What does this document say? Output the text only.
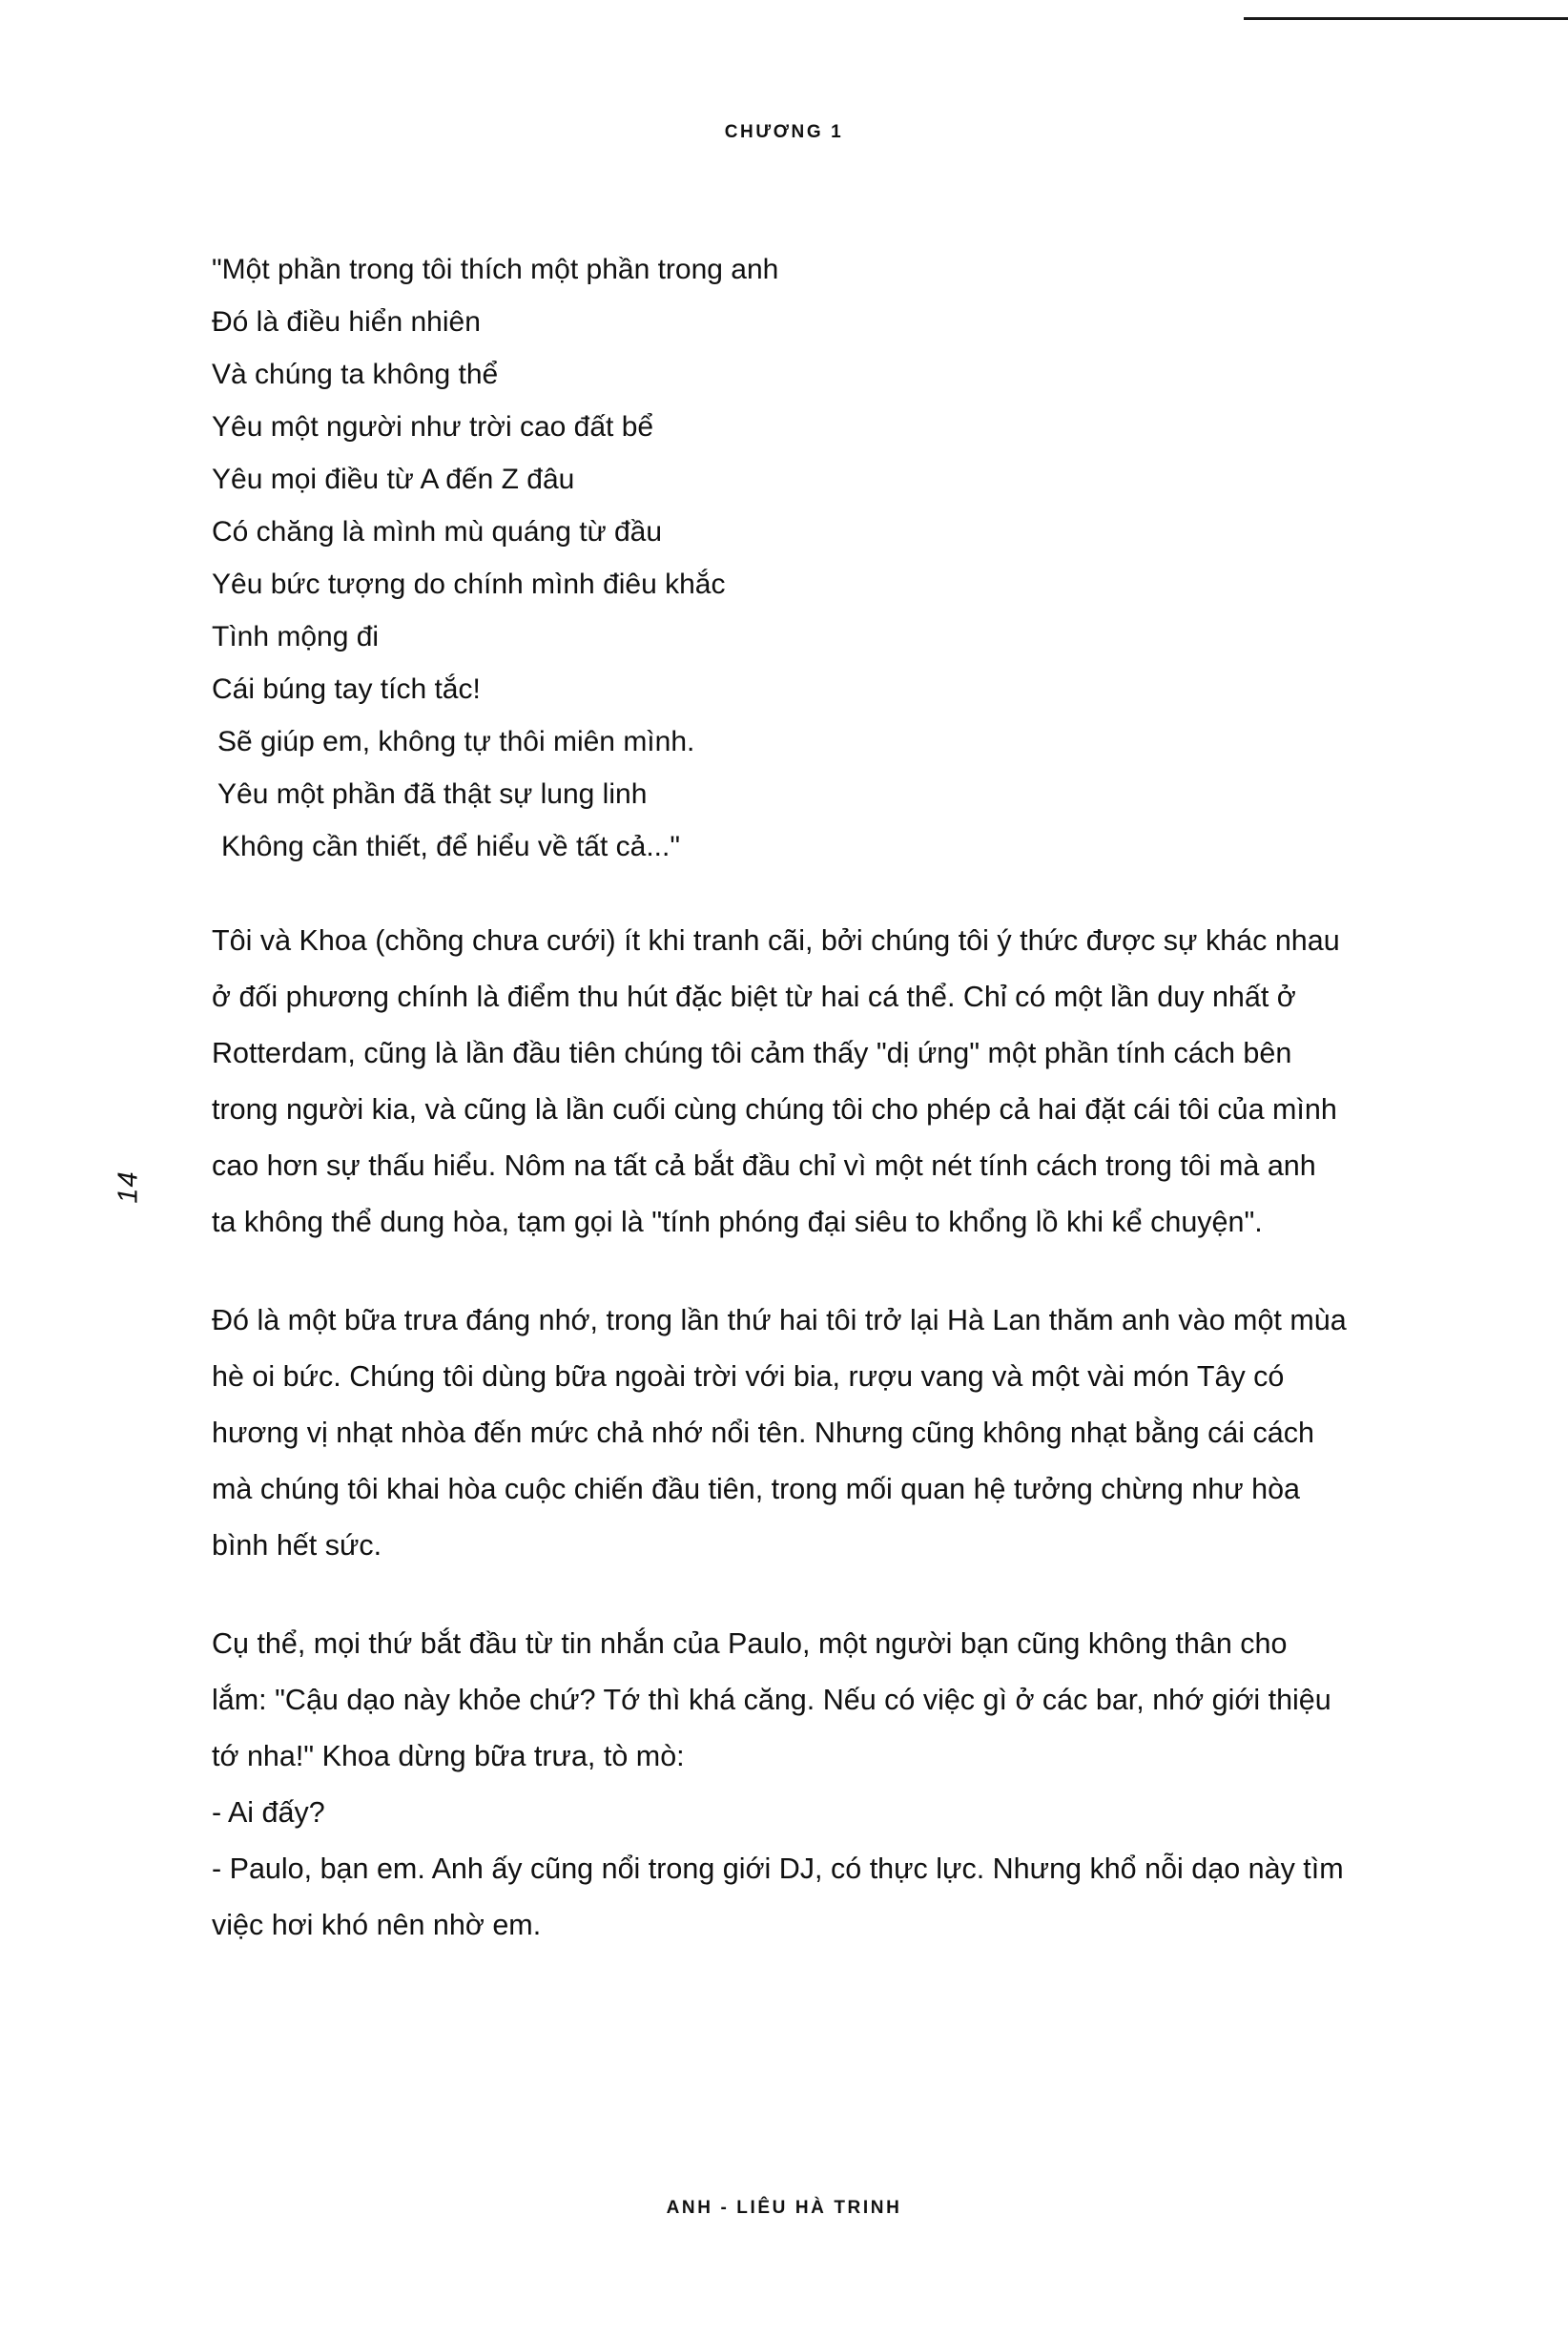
CHƯƠNG 1
14
"Một phần trong tôi thích một phần trong anh
Đó là điều hiển nhiên
Và chúng ta không thể
Yêu một người như trời cao đất bể
Yêu mọi điều từ A đến Z đâu
Có chăng là mình mù quáng từ đầu
Yêu bức tượng do chính mình điêu khắc
Tình mộng đi
Cái búng tay tích tắc!
Sẽ giúp em, không tự thôi miên mình.
Yêu một phần đã thật sự lung linh
Không cần thiết, để hiểu về tất cả..."

Tôi và Khoa (chồng chưa cưới) ít khi tranh cãi, bởi chúng tôi ý thức được sự khác nhau ở đối phương chính là điểm thu hút đặc biệt từ hai cá thể. Chỉ có một lần duy nhất ở Rotterdam, cũng là lần đầu tiên chúng tôi cảm thấy "dị ứng" một phần tính cách bên trong người kia, và cũng là lần cuối cùng chúng tôi cho phép cả hai đặt cái tôi của mình cao hơn sự thấu hiểu. Nôm na tất cả bắt đầu chỉ vì một nét tính cách trong tôi mà anh ta không thể dung hòa, tạm gọi là "tính phóng đại siêu to khổng lồ khi kể chuyện".

Đó là một bữa trưa đáng nhớ, trong lần thứ hai tôi trở lại Hà Lan thăm anh vào một mùa hè oi bức. Chúng tôi dùng bữa ngoài trời với bia, rượu vang và một vài món Tây có hương vị nhạt nhòa đến mức chả nhớ nổi tên. Nhưng cũng không nhạt bằng cái cách mà chúng tôi khai hòa cuộc chiến đầu tiên, trong mối quan hệ tưởng chừng như hòa bình hết sức.

Cụ thể, mọi thứ bắt đầu từ tin nhắn của Paulo, một người bạn cũng không thân cho lắm: "Cậu dạo này khỏe chứ? Tớ thì khá căng. Nếu có việc gì ở các bar, nhớ giới thiệu tớ nha!" Khoa dừng bữa trưa, tò mò:

- Ai đấy?
- Paulo, bạn em. Anh ấy cũng nổi trong giới DJ, có thực lực. Nhưng khổ nỗi dạo này tìm việc hơi khó nên nhờ em.
ANH - LIÊU HÀ TRINH
